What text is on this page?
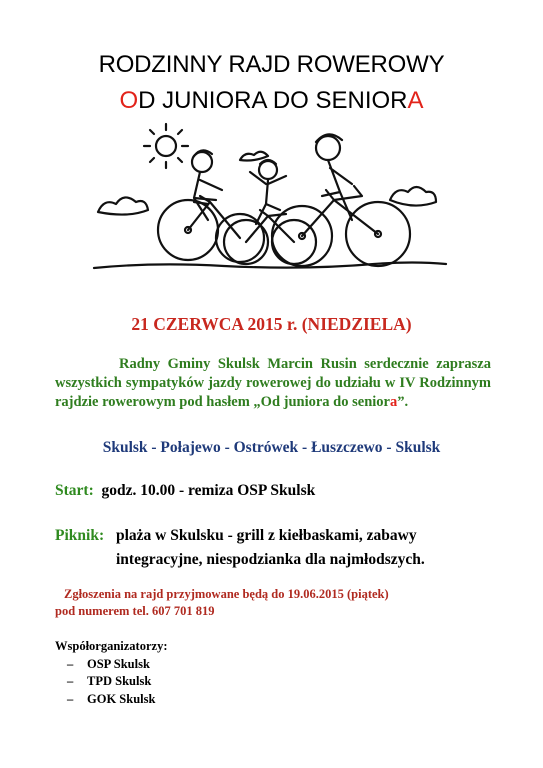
RODZINNY RAJD ROWEROWY
OD JUNIORA DO SENIORA
21 CZERWCA 2015 r. (NIEDZIELA)
Radny Gminy Skulsk Marcin Rusin serdecznie zaprasza wszystkich sympatyków jazdy rowerowej do udziału w IV Rodzinnym rajdzie rowerowym pod hasłem „Od juniora do seniora”.
Skulsk - Połajewo - Ostrówek - Łuszczewo - Skulsk
Start: godz. 10.00 - remiza OSP Skulsk
Piknik: plaża w Skulsku - grill z kiełbaskami, zabawy
integracyjne, niespodzianka dla najmłodszych.
Zgłoszenia na rajd przyjmowane będą do 19.06.2015 (piątek)
pod numerem tel. 607 701 819
Współorganizatorzy:
– OSP Skulsk
– TPD Skulsk
– GOK Skulsk
